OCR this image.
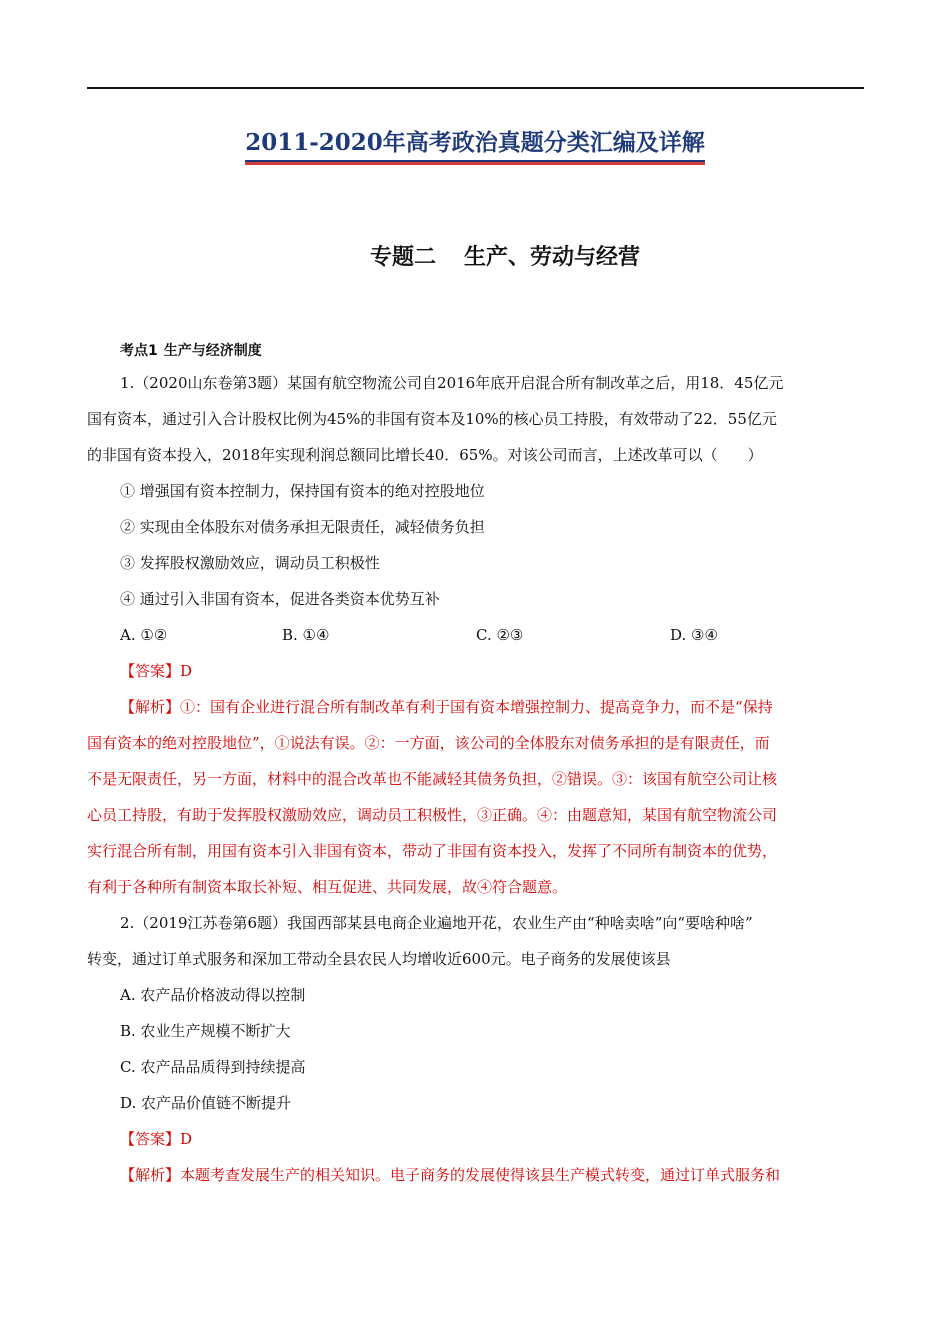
2011-2020年高考政治真题分类汇编及详解
专题二 生产、劳动与经营
考点1 生产与经济制度

1.（2020山东卷第3题）某国有航空物流公司自2016年底开启混合所有制改革之后，用18．45亿元

国有资本，通过引入合计股权比例为45%的非国有资本及10%的核心员工持股，有效带动了22．55亿元

的非国有资本投入，2018年实现利润总额同比增长40．65%。对该公司而言，上述改革可以（　　）

① 增强国有资本控制力，保持国有资本的绝对控股地位

② 实现由全体股东对债务承担无限责任，减轻债务负担

③ 发挥股权激励效应，调动员工积极性

④ 通过引入非国有资本，促进各类资本优势互补

A. ①②	B. ①④	C. ②③	D. ③④

【答案】D

【解析】①：国有企业进行混合所有制改革有利于国有资本增强控制力、提高竞争力，而不是“保持

国有资本的绝对控股地位”，①说法有误。②：一方面，该公司的全体股东对债务承担的是有限责任，而

不是无限责任，另一方面，材料中的混合改革也不能减轻其债务负担，②错误。③：该国有航空公司让核

心员工持股，有助于发挥股权激励效应，调动员工积极性，③正确。④：由题意知，某国有航空物流公司

实行混合所有制，用国有资本引入非国有资本，带动了非国有资本投入，发挥了不同所有制资本的优势，

有利于各种所有制资本取长补短、相互促进、共同发展，故④符合题意。

2.（2019江苏卷第6题）我国西部某县电商企业遍地开花，农业生产由“种啥卖啥”向“要啥种啥”

转变，通过订单式服务和深加工带动全县农民人均增收近600元。电子商务的发展使该县

A. 农产品价格波动得以控制

B. 农业生产规模不断扩大

C. 农产品品质得到持续提高

D. 农产品价值链不断提升

【答案】D

【解析】本题考查发展生产的相关知识。电子商务的发展使得该县生产模式转变，通过订单式服务和
